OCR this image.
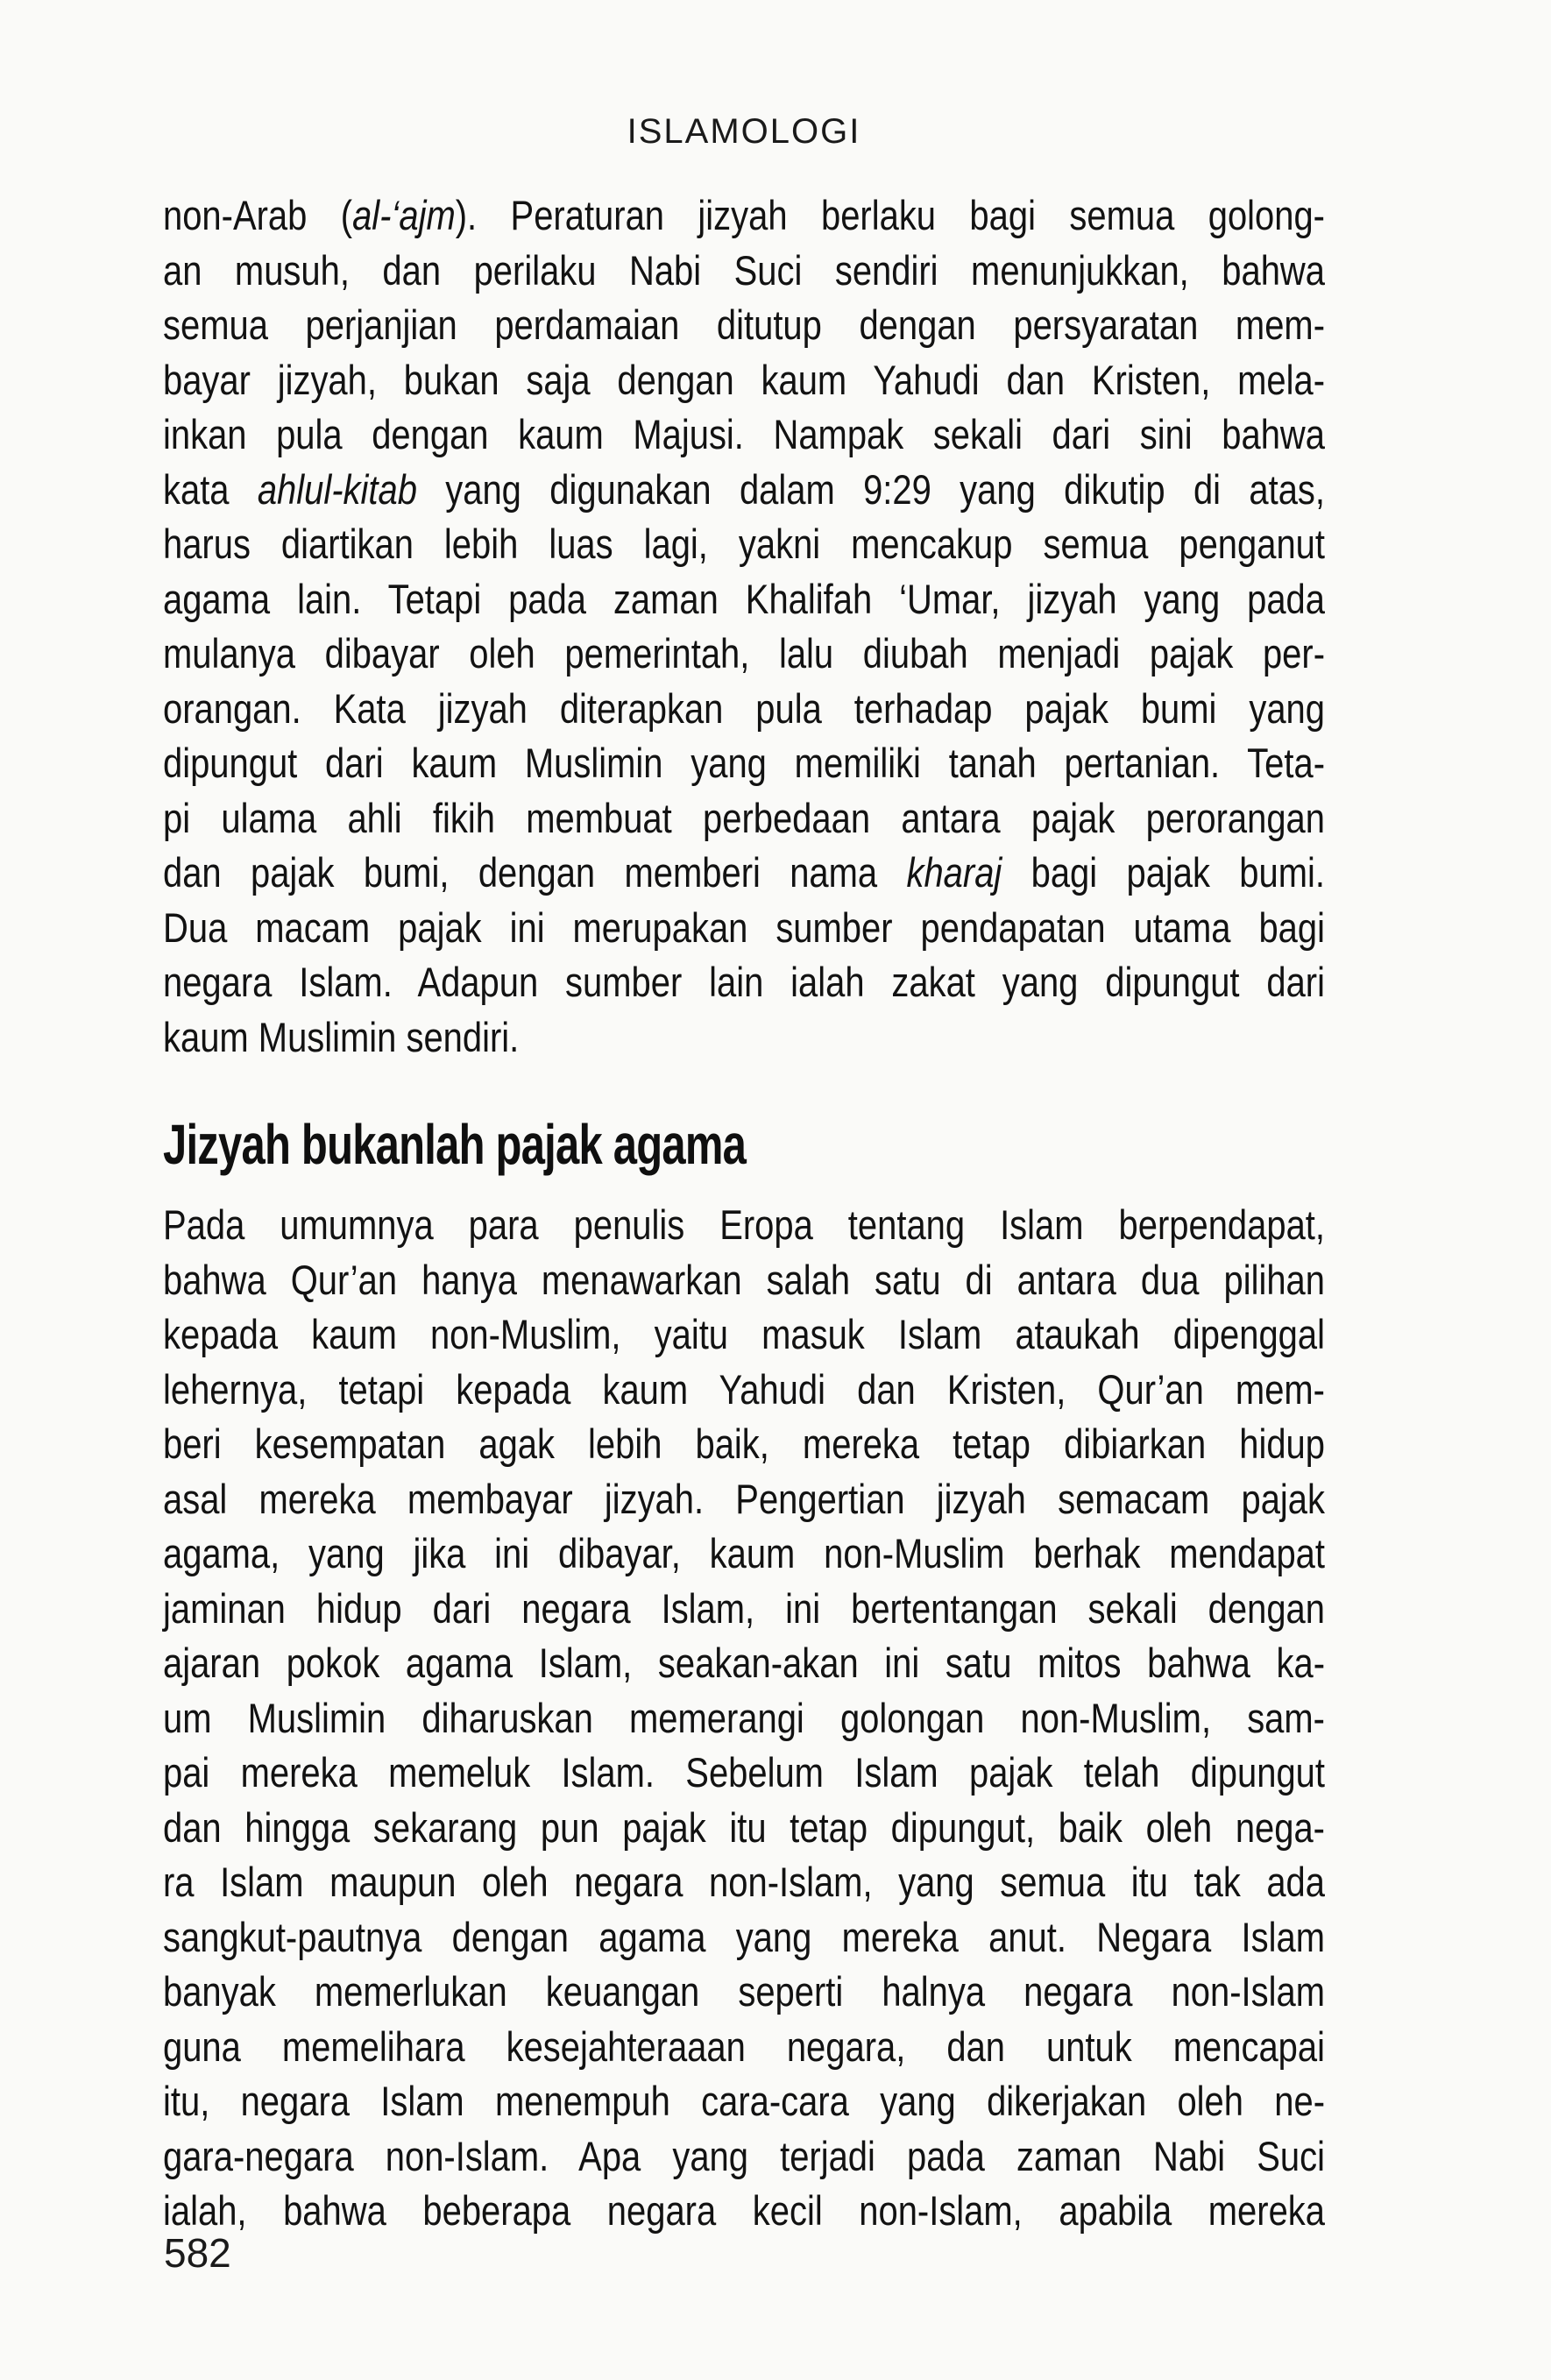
ISLAMOLOGI
non-Arab (al-‘ajm). Peraturan jizyah berlaku bagi semua golong-
an musuh, dan perilaku Nabi Suci sendiri menunjukkan, bahwa
semua perjanjian perdamaian ditutup dengan persyaratan mem-
bayar jizyah, bukan saja dengan kaum Yahudi dan Kristen, mela-
inkan pula dengan kaum Majusi. Nampak sekali dari sini bahwa
kata ahlul-kitab yang digunakan dalam 9:29 yang dikutip di atas,
harus diartikan lebih luas lagi, yakni mencakup semua penganut
agama lain. Tetapi pada zaman Khalifah ‘Umar, jizyah yang pada
mulanya dibayar oleh pemerintah, lalu diubah menjadi pajak per-
orangan. Kata jizyah diterapkan pula terhadap pajak bumi yang
dipungut dari kaum Muslimin yang memiliki tanah pertanian. Teta-
pi ulama ahli fikih membuat perbedaan antara pajak perorangan
dan pajak bumi, dengan memberi nama kharaj bagi pajak bumi.
Dua macam pajak ini merupakan sumber pendapatan utama bagi
negara Islam. Adapun sumber lain ialah zakat yang dipungut dari
kaum Muslimin sendiri.
Jizyah bukanlah pajak agama
Pada umumnya para penulis Eropa tentang Islam berpendapat,
bahwa Qur’an hanya menawarkan salah satu di antara dua pilihan
kepada kaum non-Muslim, yaitu masuk Islam ataukah dipenggal
lehernya, tetapi kepada kaum Yahudi dan Kristen, Qur’an mem-
beri kesempatan agak lebih baik, mereka tetap dibiarkan hidup
asal mereka membayar jizyah. Pengertian jizyah semacam pajak
agama, yang jika ini dibayar, kaum non-Muslim berhak mendapat
jaminan hidup dari negara Islam, ini bertentangan sekali dengan
ajaran pokok agama Islam, seakan-akan ini satu mitos bahwa ka-
um Muslimin diharuskan memerangi golongan non-Muslim, sam-
pai mereka memeluk Islam. Sebelum Islam pajak telah dipungut
dan hingga sekarang pun pajak itu tetap dipungut, baik oleh nega-
ra Islam maupun oleh negara non-Islam, yang semua itu tak ada
sangkut-pautnya dengan agama yang mereka anut. Negara Islam
banyak memerlukan keuangan seperti halnya negara non-Islam
guna memelihara kesejahteraaan negara, dan untuk mencapai
itu, negara Islam menempuh cara-cara yang dikerjakan oleh ne-
gara-negara non-Islam. Apa yang terjadi pada zaman Nabi Suci
ialah, bahwa beberapa negara kecil non-Islam, apabila mereka
582
